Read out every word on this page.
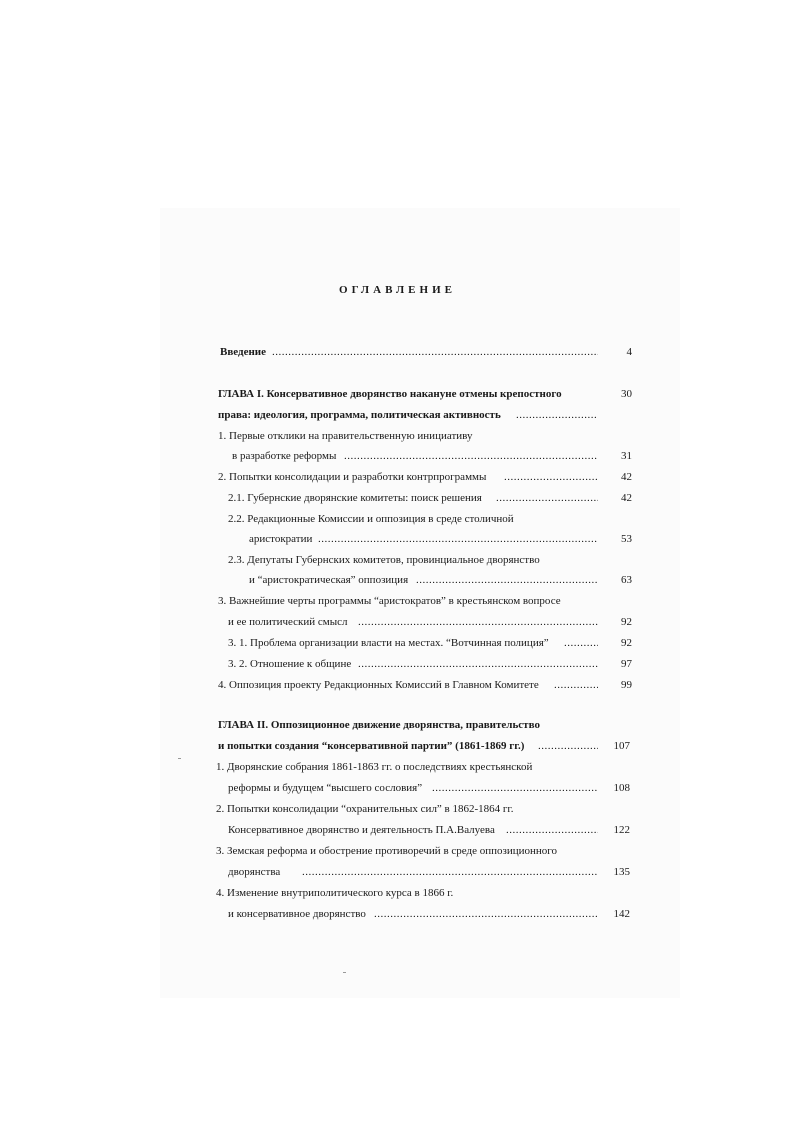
ОГЛАВЛЕНИЕ
Введение .....	4
ГЛАВА I. Консервативное дворянство накануне отмены крепостного	30
права: идеология, программа, политическая активность
.....
1. Первые отклики на правительственную инициативу
в разработке реформы .....	31
2. Попытки консолидации и разработки контрпрограммы .....	42
2.1. Губернские дворянские комитеты: поиск решения .....	42
2.2. Редакционные Комиссии и оппозиция в среде столичной
аристократии .....	53
2.3. Депутаты Губернских комитетов, провинциальное дворянство
и “аристократическая” оппозиция .....	63
3. Важнейшие черты программы “аристократов” в крестьянском вопросе
и ее политический смысл .....	92
3. 1. Проблема организации власти на местах. “Вотчинная полиция” .....	92
3. 2. Отношение к общине .....	97
4. Оппозиция проекту Редакционных Комиссий в Главном Комитете .....	99
ГЛАВА II. Оппозиционное движение дворянства, правительство
и попытки создания “консервативной партии” (1861-1869 гг.) .....	107
1. Дворянские собрания 1861-1863 гг. о последствиях крестьянской
реформы и будущем “высшего сословия” .....	108
2. Попытки консолидации “охранительных сил” в 1862-1864 гг.
Консервативное дворянство и деятельность П.А.Валуева .....	122
3. Земская реформа и обострение противоречий в среде оппозиционного
дворянства .....	135
4. Изменение внутриполитического курса в 1866 г.
и консервативное дворянство .....	142
